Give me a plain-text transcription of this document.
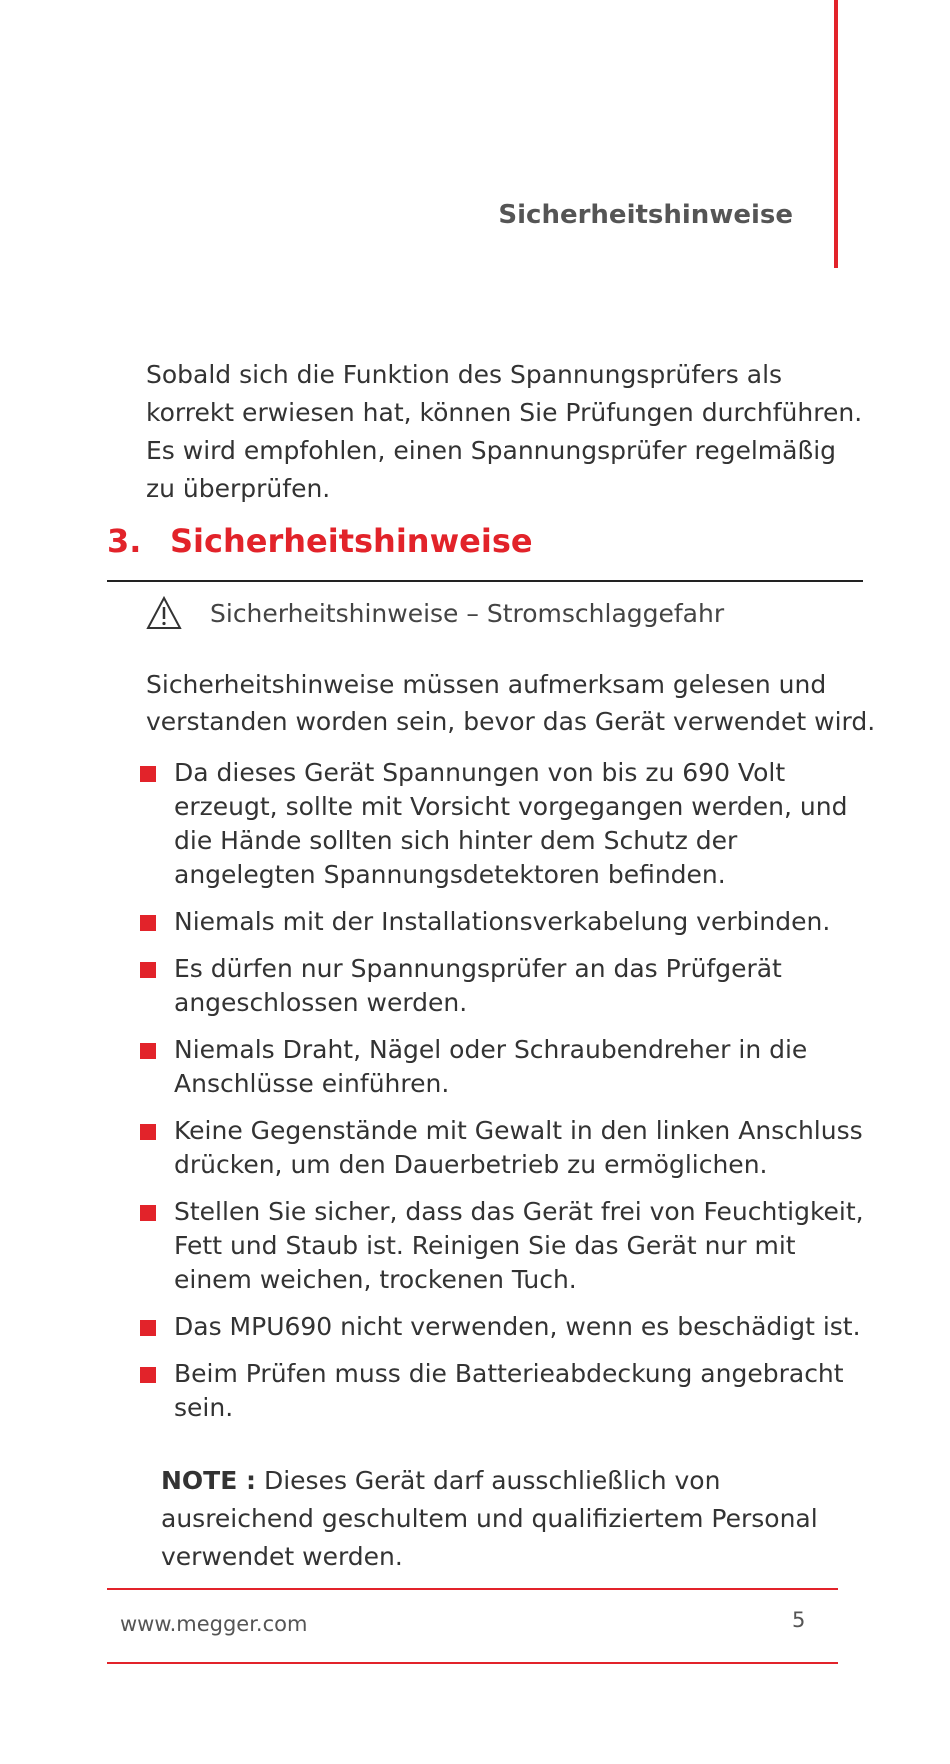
Sicherheitshinweise

Sobald sich die Funktion des Spannungsprüfers als korrekt erwiesen hat, können Sie Prüfungen durchführen. Es wird empfohlen, einen Spannungsprüfer regelmäßig zu überprüfen.

3. Sicherheitshinweise
Sicherheitshinweise – Stromschlaggefahr

Sicherheitshinweise müssen aufmerksam gelesen und verstanden worden sein, bevor das Gerät verwendet wird.

Da dieses Gerät Spannungen von bis zu 690 Volt erzeugt, sollte mit Vorsicht vorgegangen werden, und die Hände sollten sich hinter dem Schutz der angelegten Spannungsdetektoren befinden.
Niemals mit der Installationsverkabelung verbinden.
Es dürfen nur Spannungsprüfer an das Prüfgerät angeschlossen werden.
Niemals Draht, Nägel oder Schraubendreher in die Anschlüsse einführen.
Keine Gegenstände mit Gewalt in den linken Anschluss drücken, um den Dauerbetrieb zu ermöglichen.
Stellen Sie sicher, dass das Gerät frei von Feuchtigkeit, Fett und Staub ist. Reinigen Sie das Gerät nur mit einem weichen, trockenen Tuch.
Das MPU690 nicht verwenden, wenn es beschädigt ist.
Beim Prüfen muss die Batterieabdeckung angebracht sein.

NOTE : Dieses Gerät darf ausschließlich von ausreichend geschultem und qualifiziertem Personal verwendet werden.

www.megger.com	5
